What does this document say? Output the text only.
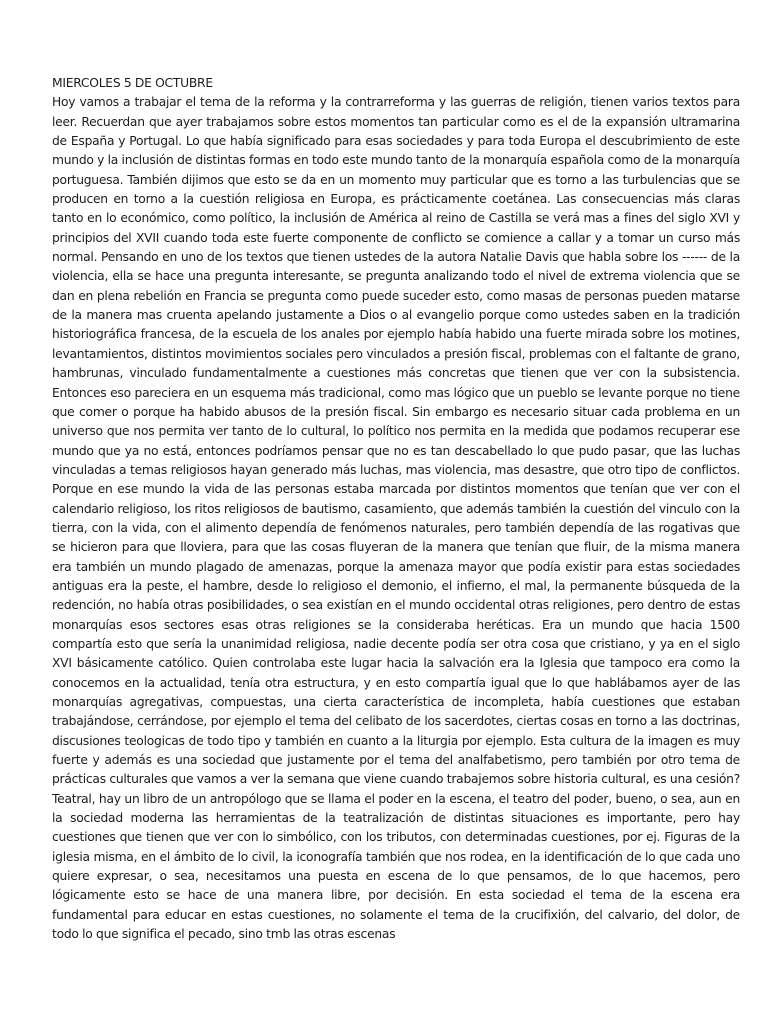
MIERCOLES 5 DE OCTUBRE

Hoy vamos a trabajar el tema de la reforma y la contrarreforma y las guerras de religión, tienen varios textos para leer. Recuerdan que ayer trabajamos sobre estos momentos tan particular como es el de la expansión ultramarina de España y Portugal. Lo que había significado para esas sociedades y para toda Europa el descubrimiento de este mundo y la inclusión de distintas formas en todo este mundo tanto de la monarquía española como de la monarquía portuguesa. También dijimos que esto se da en un momento muy particular que es torno a las turbulencias que se producen en torno a la cuestión religiosa en Europa, es prácticamente coetánea. Las consecuencias más claras tanto en lo económico, como político, la inclusión de América al reino de Castilla se verá mas a fines del siglo XVI y principios del XVII cuando toda este fuerte componente de conflicto se comience a callar y a tomar un curso más normal. Pensando en uno de los textos que tienen ustedes de la autora Natalie Davis que habla sobre los ------ de la violencia, ella se hace una pregunta interesante, se pregunta analizando todo el nivel de extrema violencia que se dan en plena rebelión en Francia se pregunta como puede suceder esto, como masas de personas pueden matarse de la manera mas cruenta apelando justamente a Dios o al evangelio porque como ustedes saben en la tradición historiográfica francesa, de la escuela de los anales por ejemplo había habido una fuerte mirada sobre los motines, levantamientos, distintos movimientos sociales pero vinculados a presión fiscal, problemas con el faltante de grano, hambrunas, vinculado fundamentalmente a cuestiones más concretas que tienen que ver con la subsistencia. Entonces eso pareciera en un esquema más tradicional, como mas lógico que un pueblo se levante porque no tiene que comer o porque ha habido abusos de la presión fiscal. Sin embargo es necesario situar cada problema en un universo que nos permita ver tanto de lo cultural, lo político nos permita en la medida que podamos recuperar ese mundo que ya no está, entonces podríamos pensar que no es tan descabellado lo que pudo pasar, que las luchas vinculadas a temas religiosos hayan generado más luchas, mas violencia, mas desastre, que otro tipo de conflictos. Porque en ese mundo la vida de las personas estaba marcada por distintos momentos que tenían que ver con el calendario religioso, los ritos religiosos de bautismo, casamiento, que además también la cuestión del vinculo con la tierra, con la vida, con el alimento dependía de fenómenos naturales, pero también dependía de las rogativas que se hicieron para que lloviera, para que las cosas fluyeran de la manera que tenían que fluir, de la misma manera era también un mundo plagado de amenazas, porque la amenaza mayor que podía existir para estas sociedades antiguas era la peste, el hambre, desde lo religioso el demonio, el infierno, el mal, la permanente búsqueda de la redención, no había otras posibilidades, o sea existían en el mundo occidental otras religiones, pero dentro de estas monarquías esos sectores esas otras religiones se la consideraba heréticas. Era un mundo que hacia 1500 compartía esto que sería la unanimidad religiosa, nadie decente podía ser otra cosa que cristiano, y ya en el siglo XVI básicamente católico. Quien controlaba este lugar hacia la salvación era la Iglesia que tampoco era como la conocemos en la actualidad, tenía otra estructura, y en esto compartía igual que lo que hablábamos ayer de las monarquías agregativas, compuestas, una cierta característica de incompleta, había cuestiones que estaban trabajándose, cerrándose, por ejemplo el tema del celibato de los sacerdotes, ciertas cosas en torno a las doctrinas, discusiones teologicas de todo tipo y también en cuanto a la liturgia por ejemplo. Esta cultura de la imagen es muy fuerte y además es una sociedad que justamente por el tema del analfabetismo, pero también por otro tema de prácticas culturales que vamos a ver la semana que viene cuando trabajemos sobre historia cultural, es una cesión? Teatral, hay un libro de un antropólogo que se llama el poder en la escena, el teatro del poder, bueno, o sea, aun en la sociedad moderna las herramientas de la teatralización de distintas situaciones es importante, pero hay cuestiones que tienen que ver con lo simbólico, con los tributos, con determinadas cuestiones, por ej. Figuras de la iglesia misma, en el ámbito de lo civil, la iconografía también que nos rodea, en la identificación de lo que cada uno quiere expresar, o sea, necesitamos una puesta en escena de lo que pensamos, de lo que hacemos, pero lógicamente esto se hace de una manera libre, por decisión. En esta sociedad el tema de la escena era fundamental para educar en estas cuestiones, no solamente el tema de la crucifixión, del calvario, del dolor, de todo lo que significa el pecado, sino tmb las otras escenas
